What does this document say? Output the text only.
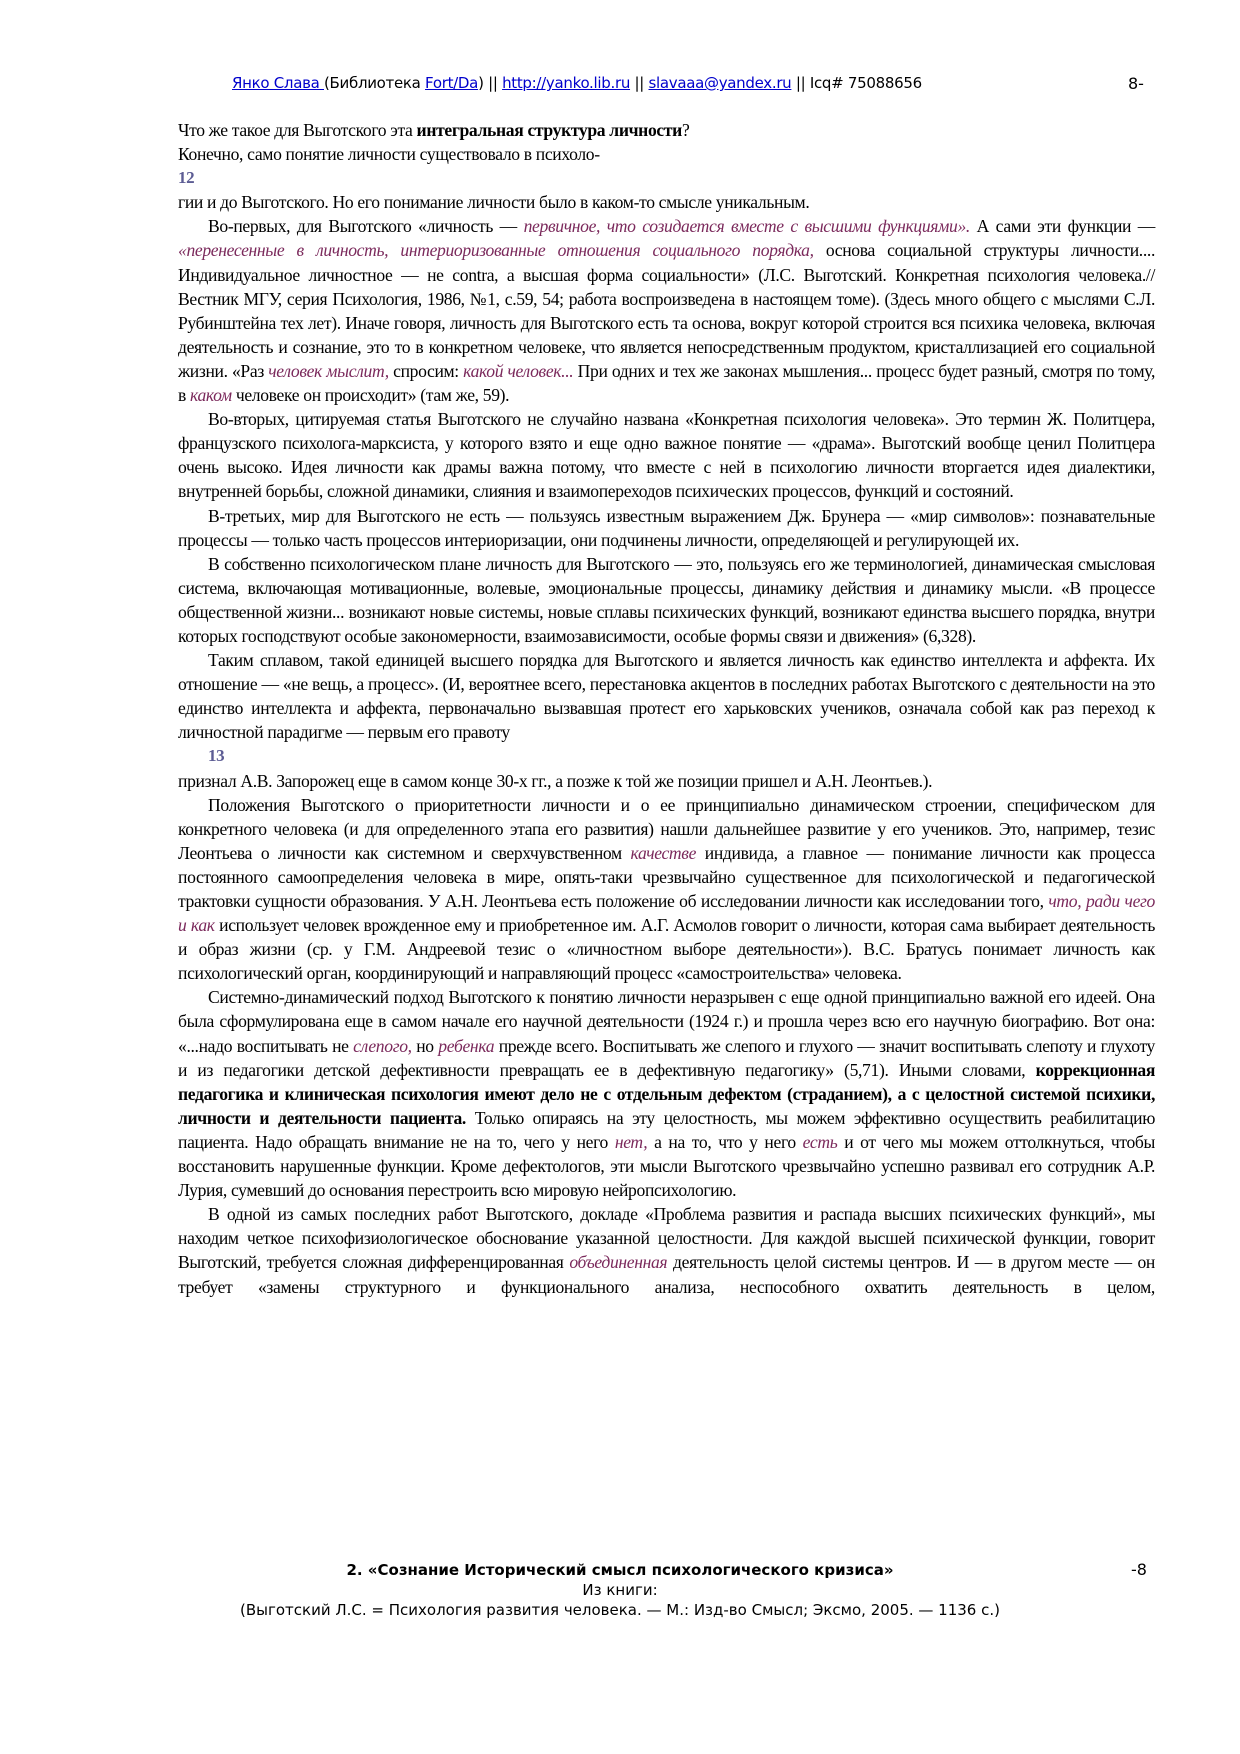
Янко Слава (Библиотека Fort/Da) || http://yanko.lib.ru || slavaaa@yandex.ru || Icq# 75088656	8-

Что же такое для Выготского эта интегральная структура личности?

Конечно, само понятие личности существовало в психоло-

12

гии и до Выготского. Но его понимание личности было в каком-то смысле уникальным.

Во-первых, для Выготского «личность — первичное, что созидается вместе с высшими функциями». А сами эти функции — «перенесенные в личность, интериоризованные отношения социального порядка, основа социальной структуры личности.... Индивидуальное личностное — не contra, а высшая форма социальности» (Л.С. Выготский. Конкретная психология человека.// Вестник МГУ, серия Психология, 1986, №1, с.59, 54; работа воспроизведена в настоящем томе). (Здесь много общего с мыслями С.Л. Рубинштейна тех лет). Иначе говоря, личность для Выготского есть та основа, вокруг которой строится вся психика человека, включая деятельность и сознание, это то в конкретном человеке, что является непосредственным продуктом, кристаллизацией его социальной жизни. «Раз человек мыслит, спросим: какой человек... При одних и тех же законах мышления... процесс будет разный, смотря по тому, в каком человеке он происходит» (там же, 59).

Во-вторых, цитируемая статья Выготского не случайно названа «Конкретная психология человека». Это термин Ж. Политцера, французского психолога-марксиста, у которого взято и еще одно важное понятие — «драма». Выготский вообще ценил Политцера очень высоко. Идея личности как драмы важна потому, что вместе с ней в психологию личности вторгается идея диалектики, внутренней борьбы, сложной динамики, слияния и взаимопереходов психических процессов, функций и состояний.

В-третьих, мир для Выготского не есть — пользуясь известным выражением Дж. Брунера — «мир символов»: познавательные процессы — только часть процессов интериоризации, они подчинены личности, определяющей и регулирующей их.

В собственно психологическом плане личность для Выготского — это, пользуясь его же терминологией, динамическая смысловая система, включающая мотивационные, волевые, эмоциональные процессы, динамику действия и динамику мысли. «В процессе общественной жизни... возникают новые системы, новые сплавы психических функций, возникают единства высшего порядка, внутри которых господствуют особые закономерности, взаимозависимости, особые формы связи и движения» (6,328).

Таким сплавом, такой единицей высшего порядка для Выготского и является личность как единство интеллекта и аффекта. Их отношение — «не вещь, а процесс». (И, вероятнее всего, перестановка акцентов в последних работах Выготского с деятельности на это единство интеллекта и аффекта, первоначально вызвавшая протест его харьковских учеников, означала собой как раз переход к личностной парадигме — первым его правоту

13

признал А.В. Запорожец еще в самом конце 30-х гг., а позже к той же позиции пришел и А.Н. Леонтьев.).

Положения Выготского о приоритетности личности и о ее принципиально динамическом строении, специфическом для конкретного человека (и для определенного этапа его развития) нашли дальнейшее развитие у его учеников. Это, например, тезис Леонтьева о личности как системном и сверхчувственном качестве индивида, а главное — понимание личности как процесса постоянного самоопределения человека в мире, опять-таки чрезвычайно существенное для психологической и педагогической трактовки сущности образования. У А.Н. Леонтьева есть положение об исследовании личности как исследовании того, что, ради чего и как использует человек врожденное ему и приобретенное им. А.Г. Асмолов говорит о личности, которая сама выбирает деятельность и образ жизни (ср. у Г.М. Андреевой тезис о «личностном выборе деятельности»). В.С. Братусь понимает личность как психологический орган, координирующий и направляющий процесс «самостроительства» человека.

Системно-динамический подход Выготского к понятию личности неразрывен с еще одной принципиально важной его идеей. Она была сформулирована еще в самом начале его научной деятельности (1924 г.) и прошла через всю его научную биографию. Вот она: «...надо воспитывать не слепого, но ребенка прежде всего. Воспитывать же слепого и глухого — значит воспитывать слепоту и глухоту и из педагогики детской дефективности превращать ее в дефективную педагогику» (5,71). Иными словами, коррекционная педагогика и клиническая психология имеют дело не с отдельным дефектом (страданием), а с целостной системой психики, личности и деятельности пациента. Только опираясь на эту целостность, мы можем эффективно осуществить реабилитацию пациента. Надо обращать внимание не на то, чего у него нет, а на то, что у него есть и от чего мы можем оттолкнуться, чтобы восстановить нарушенные функции. Кроме дефектологов, эти мысли Выготского чрезвычайно успешно развивал его сотрудник А.Р. Лурия, сумевший до основания перестроить всю мировую нейропсихологию.

В одной из самых последних работ Выготского, докладе «Проблема развития и распада высших психических функций», мы находим четкое психофизиологическое обоснование указанной целостности. Для каждой высшей психической функции, говорит Выготский, требуется сложная дифференцированная объединенная деятельность целой системы центров. И — в другом месте — он требует «замены структурного и функционального анализа, неспособного охватить деятельность в целом,

2. «Сознание Исторический смысл психологического кризиса»
Из книги:
(Выготский Л.С. = Психология развития человека. — М.: Изд-во Смысл; Эксмо, 2005. — 1136 с.)
-8
